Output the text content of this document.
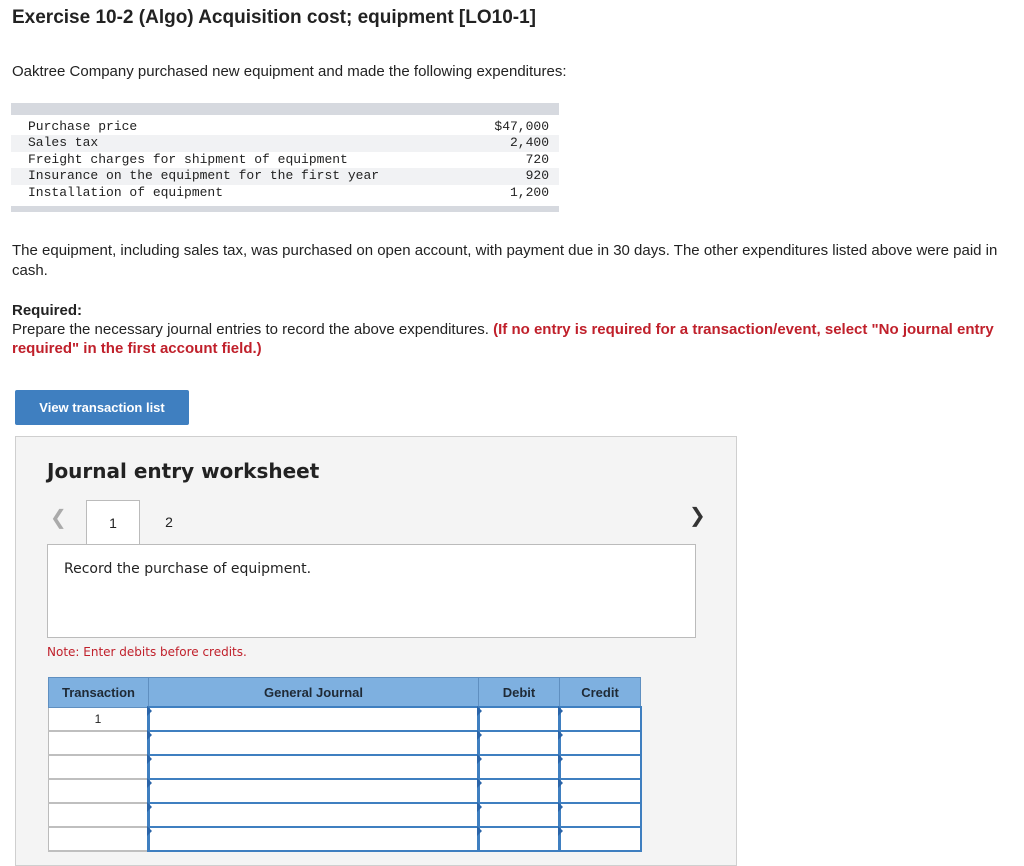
Exercise 10-2 (Algo) Acquisition cost; equipment [LO10-1]
Oaktree Company purchased new equipment and made the following expenditures:
Purchase price	$47,000
Sales tax	2,400
Freight charges for shipment of equipment	720
Insurance on the equipment for the first year	920
Installation of equipment	1,200
The equipment, including sales tax, was purchased on open account, with payment due in 30 days. The other expenditures listed above were paid in cash.
Required:
Prepare the necessary journal entries to record the above expenditures. (If no entry is required for a transaction/event, select "No journal entry required" in the first account field.)
View transaction list
Journal entry worksheet
❮	1	2	❯
Record the purchase of equipment.
Note: Enter debits before credits.
Transaction	General Journal	Debit	Credit
1			
